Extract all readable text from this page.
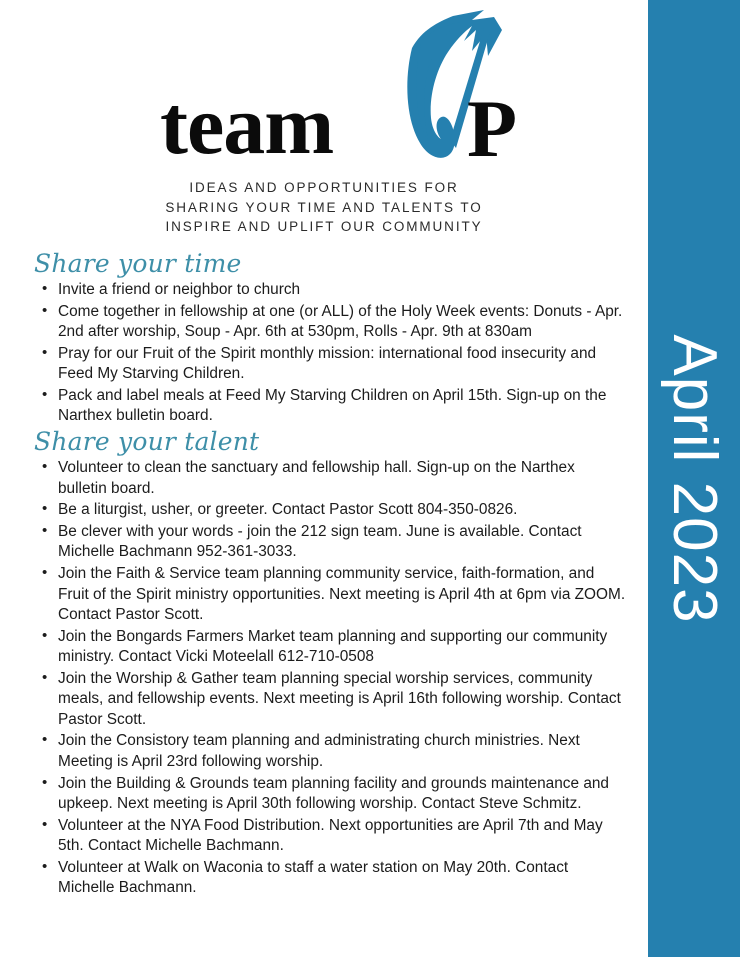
team P
IDEAS AND OPPORTUNITIES FOR
SHARING YOUR TIME AND TALENTS TO
INSPIRE AND UPLIFT OUR COMMUNITY
Share your time
• Invite a friend or neighbor to church
• Come together in fellowship at one (or ALL) of the Holy Week events: Donuts - Apr. 2nd after worship, Soup - Apr. 6th at 530pm, Rolls - Apr. 9th at 830am
• Pray for our Fruit of the Spirit monthly mission: international food insecurity and Feed My Starving Children.
• Pack and label meals at Feed My Starving Children on April 15th. Sign-up on the Narthex bulletin board.
Share your talent
• Volunteer to clean the sanctuary and fellowship hall. Sign-up on the Narthex bulletin board.
• Be a liturgist, usher, or greeter. Contact Pastor Scott 804-350-0826.
• Be clever with your words - join the 212 sign team. June is available. Contact Michelle Bachmann 952-361-3033.
• Join the Faith & Service team planning community service, faith-formation, and Fruit of the Spirit ministry opportunities. Next meeting is April 4th at 6pm via ZOOM. Contact Pastor Scott.
• Join the Bongards Farmers Market team planning and supporting our community ministry. Contact Vicki Moteelall 612-710-0508
• Join the Worship & Gather team planning special worship services, community meals, and fellowship events. Next meeting is April 16th following worship. Contact Pastor Scott.
• Join the Consistory team planning and administrating church ministries. Next Meeting is April 23rd following worship.
• Join the Building & Grounds team planning facility and grounds maintenance and upkeep. Next meeting is April 30th following worship. Contact Steve Schmitz.
• Volunteer at the NYA Food Distribution. Next opportunities are April 7th and May 5th. Contact Michelle Bachmann.
• Volunteer at Walk on Waconia to staff a water station on May 20th. Contact Michelle Bachmann.
April 2023
